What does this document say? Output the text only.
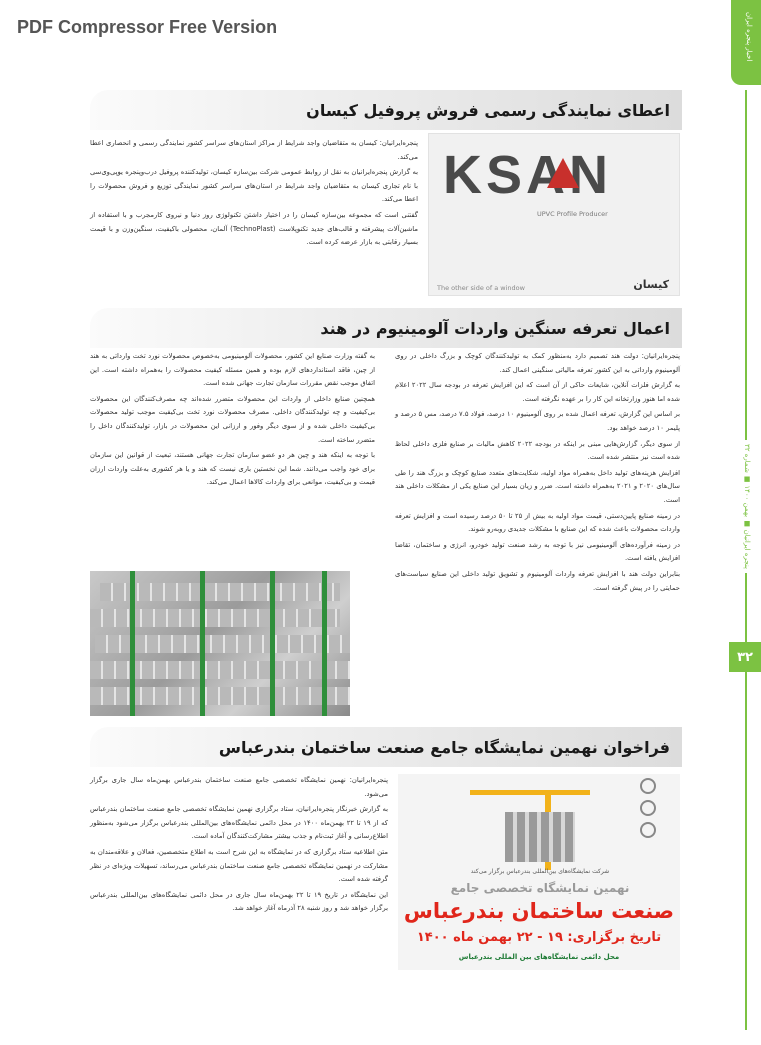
PDF Compressor Free Version	اخبار پنجره ایران
پنجره ایرانیان ■ بهمن ۱۴۰۰ ■ شماره ۳۲
۳۲
اعطای نمایندگی رسمی فروش پروفیل کیسان

پنجره‌ایرانیان: کیسان به متقاضیان واجد شرایط از مراکز استان‌های سراسر کشور نمایندگی رسمی و انحصاری اعطا می‌کند.

به گزارش پنجره‌ایرانیان به نقل از روابط عمومی شرکت بین‌سازه کیسان، تولیدکننده پروفیل درب‌وپنجره یوپی‌وی‌سی با نام تجاری کیسان به متقاضیان واجد شرایط در استان‌های سراسر کشور نمایندگی توزیع و فروش محصولات را اعطا می‌کند.

گفتنی است که مجموعه بین‌سازه کیسان را در اختیار داشتن تکنولوژی روز دنیا و نیروی کارمجرب و با استفاده از ماشین‌آلات پیشرفته و قالب‌های جدید تکنوپلاست (TechnoPlast) آلمان، محصولی باکیفیت، سنگین‌وزن و با قیمت بسیار رقابتی به بازار عرضه کرده است.

KSAN
UPVC Profile Producer
The other side of a window	کیسان
اعمال تعرفه سنگین واردات آلومینیوم در هند

پنجره‌ایرانیان: دولت هند تصمیم دارد به‌منظور کمک به تولیدکنندگان کوچک و بزرگ داخلی در روی آلومینیوم وارداتی به این کشور تعرفه مالیاتی سنگینی اعمال کند.

به گزارش فلزات آنلاین، شایعات حاکی از آن است که این افزایش تعرفه در بودجه سال ۲۰۲۲ اعلام شده اما هنوز وزارتخانه این کار را بر عهده نگرفته است.

بر اساس این گزارش، تعرفه اعمال شده بر روی آلومینیوم ۱۰ درصد، فولاد ۷.۵ درصد، مس ۵ درصد و پلیمر ۱۰ درصد خواهد بود.

از سوی دیگر، گزارش‌هایی مبنی بر اینکه در بودجه ۲۰۲۲ کاهش مالیات بر صنایع فلزی داخلی لحاظ شده است نیز منتشر شده است.

افزایش هزینه‌های تولید داخل به‌همراه مواد اولیه، شکایت‌های متعدد صنایع کوچک و بزرگ هند را طی سال‌های ۲۰۲۰ و ۲۰۲۱ به‌همراه داشته است. ضرر و زیان بسیار این صنایع یکی از مشکلات داخلی هند است.

در زمینه صنایع پایین‌دستی، قیمت مواد اولیه به بیش از ۲۵ تا ۵۰ درصد رسیده است و افزایش تعرفه واردات محصولات باعث شده که این صنایع با مشکلات جدیدی روبه‌رو شوند.

در زمینه فرآورده‌های آلومینیومی نیز با توجه به رشد صنعت تولید خودرو، انرژی و ساختمان، تقاضا افزایش یافته است.

بنابراین دولت هند با افزایش تعرفه واردات آلومینیوم و تشویق تولید داخلی این صنایع سیاست‌های حمایتی را در پیش گرفته است.

به گفته وزارت صنایع این کشور، محصولات آلومینیومی به‌خصوص محصولات نورد تخت وارداتی به هند از چین، فاقد استانداردهای لازم بوده و همین مسئله کیفیت محصولات را به‌همراه داشته است. این اتفاق موجب نقض مقررات سازمان تجارت جهانی شده است.

همچنین صنایع داخلی از واردات این محصولات متضرر شده‌اند چه مصرف‌کنندگان این محصولات بی‌کیفیت و چه تولیدکنندگان داخلی. مصرف محصولات نورد تخت بی‌کیفیت موجب تولید محصولات بی‌کیفیت داخلی شده و از سوی دیگر وفور و ارزانی این محصولات در بازار، تولیدکنندگان داخل را متضرر ساخته است.

با توجه به اینکه هند و چین هر دو عضو سازمان تجارت جهانی هستند، تبعیت از قوانین این سازمان برای خود واجب می‌دانند. شما این نخستین باری نیست که هند و یا هر کشوری به‌علت واردات ارزان قیمت و بی‌کیفیت، موانعی برای واردات کالاها اعمال می‌کند.

فراخوان نهمین نمایشگاه جامع صنعت ساختمان بندرعباس

پنجره‌ایرانیان: نهمین نمایشگاه تخصصی جامع صنعت ساختمان بندرعباس بهمن‌ماه سال جاری برگزار می‌شود.

به گزارش خبرنگار پنجره‌ایرانیان، ستاد برگزاری نهمین نمایشگاه تخصصی جامع صنعت ساختمان بندرعباس که از ۱۹ تا ۲۲ بهمن‌ماه ۱۴۰۰ در محل دائمی نمایشگاه‌های بین‌المللی بندرعباس برگزار می‌شود به‌منظور اطلاع‌رسانی و آغاز ثبت‌نام و جذب بیشتر مشارکت‌کنندگان آماده است.

متن اطلاعیه ستاد برگزاری که در نمایشگاه به این شرح است به اطلاع متخصصین، فعالان و علاقه‌مندان به مشارکت در نهمین نمایشگاه تخصصی جامع صنعت ساختمان بندرعباس می‌رساند، تسهیلات ویژه‌ای در نظر گرفته شده است.

این نمایشگاه در تاریخ ۱۹ تا ۲۲ بهمن‌ماه سال جاری در محل دائمی نمایشگاه‌های بین‌المللی بندرعباس برگزار خواهد شد و روز شنبه ۲۸ آذرماه آغاز خواهد شد.

شرکت نمایشگاه‌های بین‌المللی بندرعباس برگزار می‌کند
نهمین نمایشگاه تخصصی جامع
صنعت ساختمان بندرعباس
تاریخ برگزاری: ۱۹ - ۲۲ بهمن ماه ۱۴۰۰
محل دائمی نمایشگاه‌های بین المللی بندرعباس
